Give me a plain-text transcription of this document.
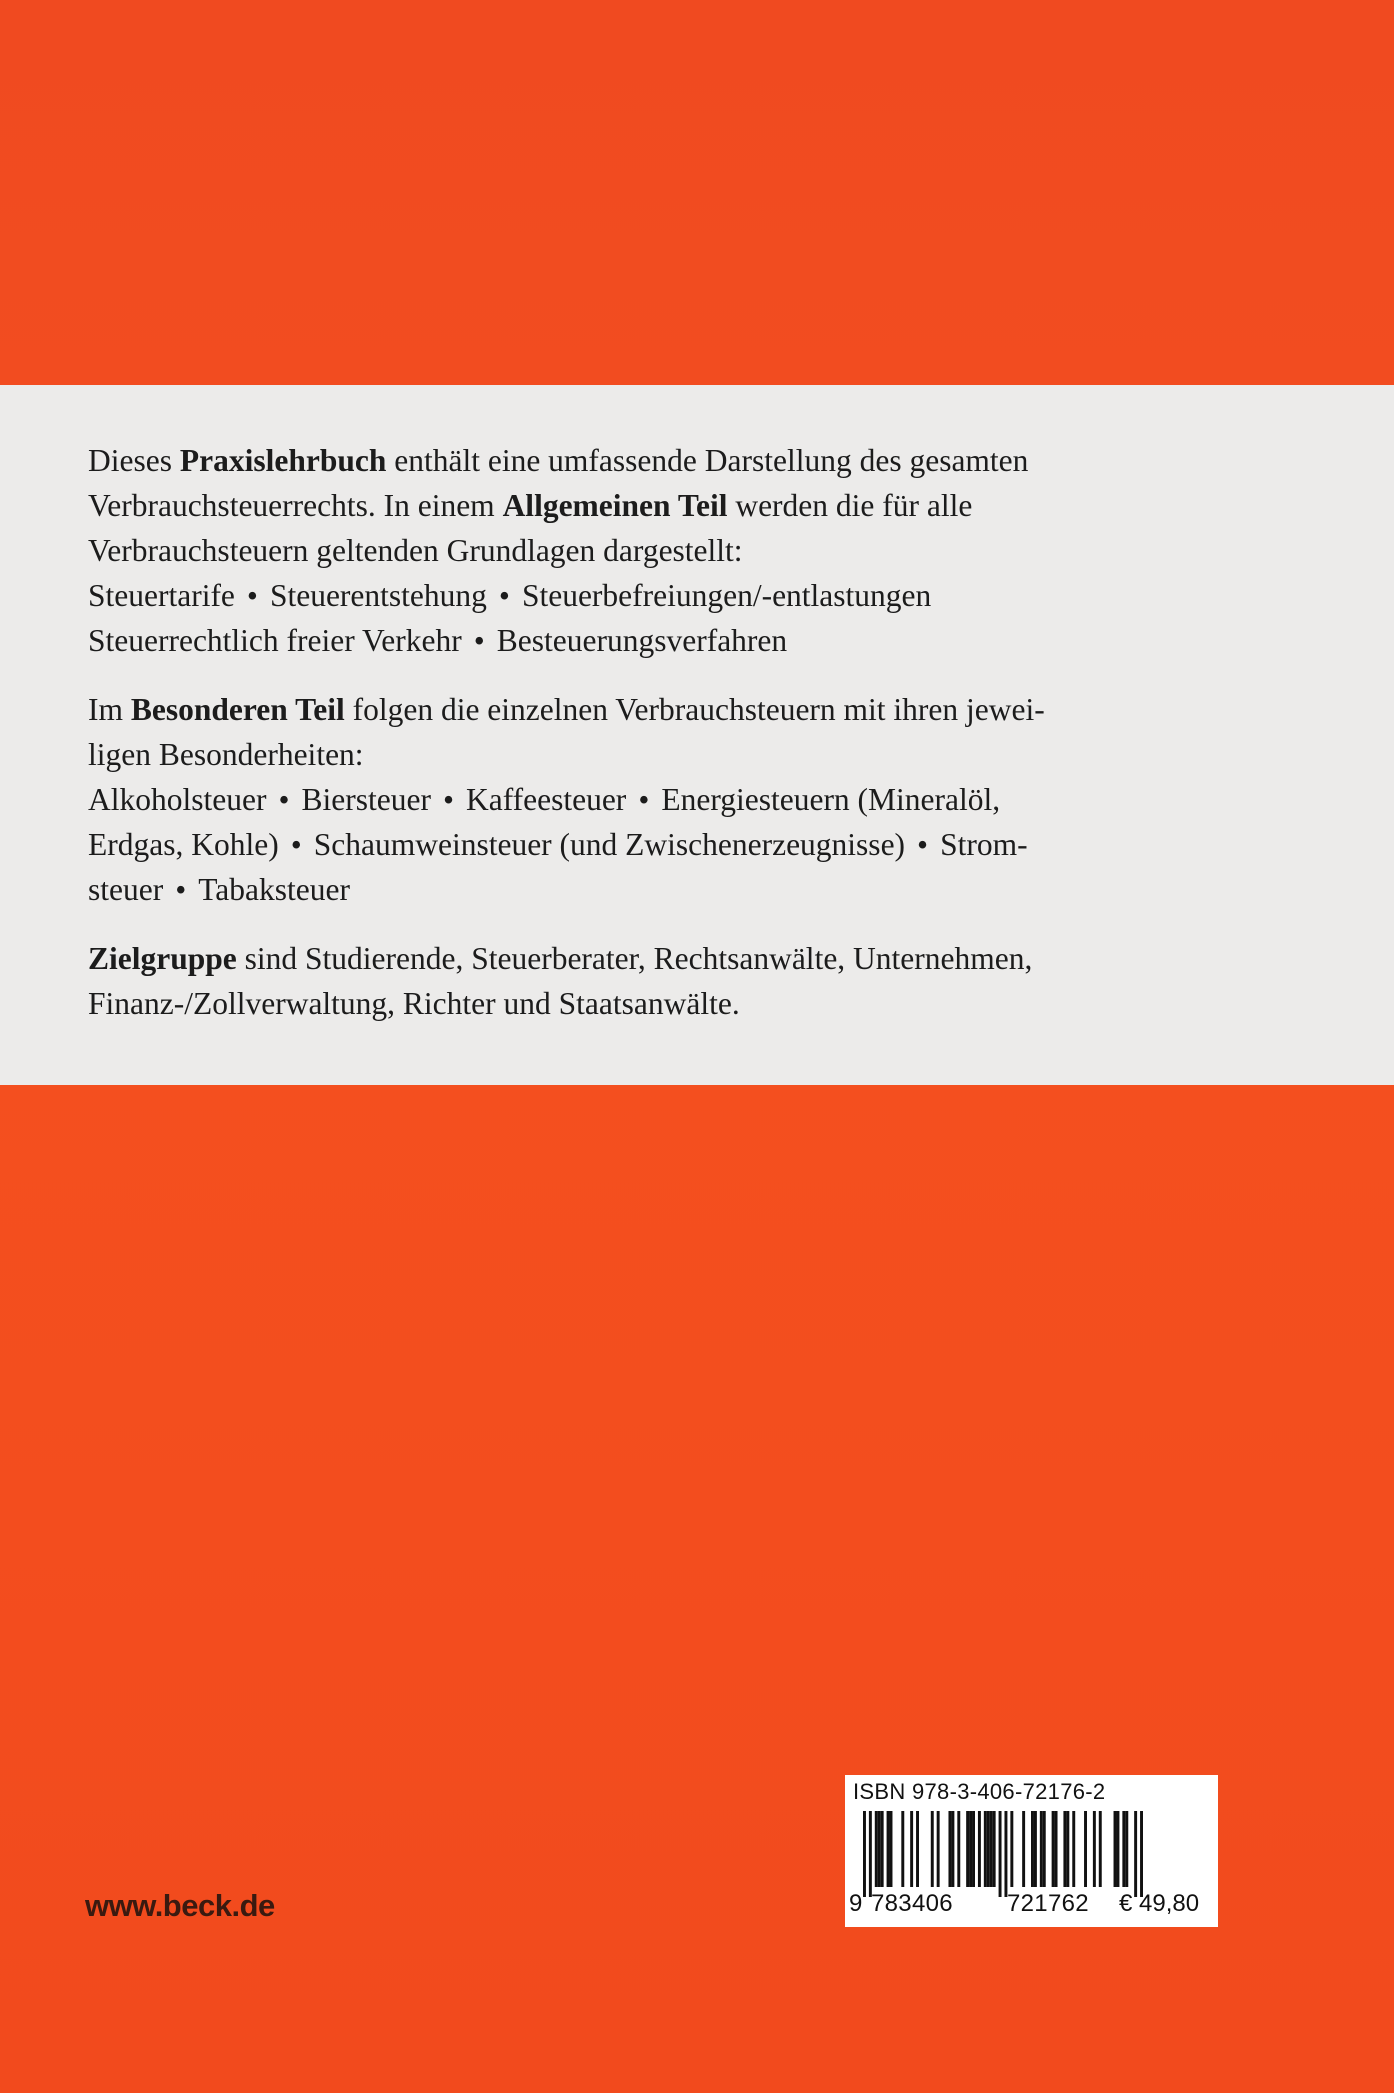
Dieses Praxislehrbuch enthält eine umfassende Darstellung des gesamten
Verbrauchsteuerrechts. In einem Allgemeinen Teil werden die für alle
Verbrauchsteuern geltenden Grundlagen dargestellt:
Steuertarife • Steuerentstehung • Steuerbefreiungen/-entlastungen
Steuerrechtlich freier Verkehr • Besteuerungsverfahren

Im Besonderen Teil folgen die einzelnen Verbrauchsteuern mit ihren jewei-
ligen Besonderheiten:
Alkoholsteuer • Biersteuer • Kaffeesteuer • Energiesteuern (Mineralöl,
Erdgas, Kohle) • Schaumweinsteuer (und Zwischenerzeugnisse) • Strom-
steuer • Tabaksteuer

Zielgruppe sind Studierende, Steuerberater, Rechtsanwälte, Unternehmen,
Finanz-/Zollverwaltung, Richter und Staatsanwälte.

www.beck.de
ISBN 978-3-406-72176-2
9 783406 721762 € 49,80
